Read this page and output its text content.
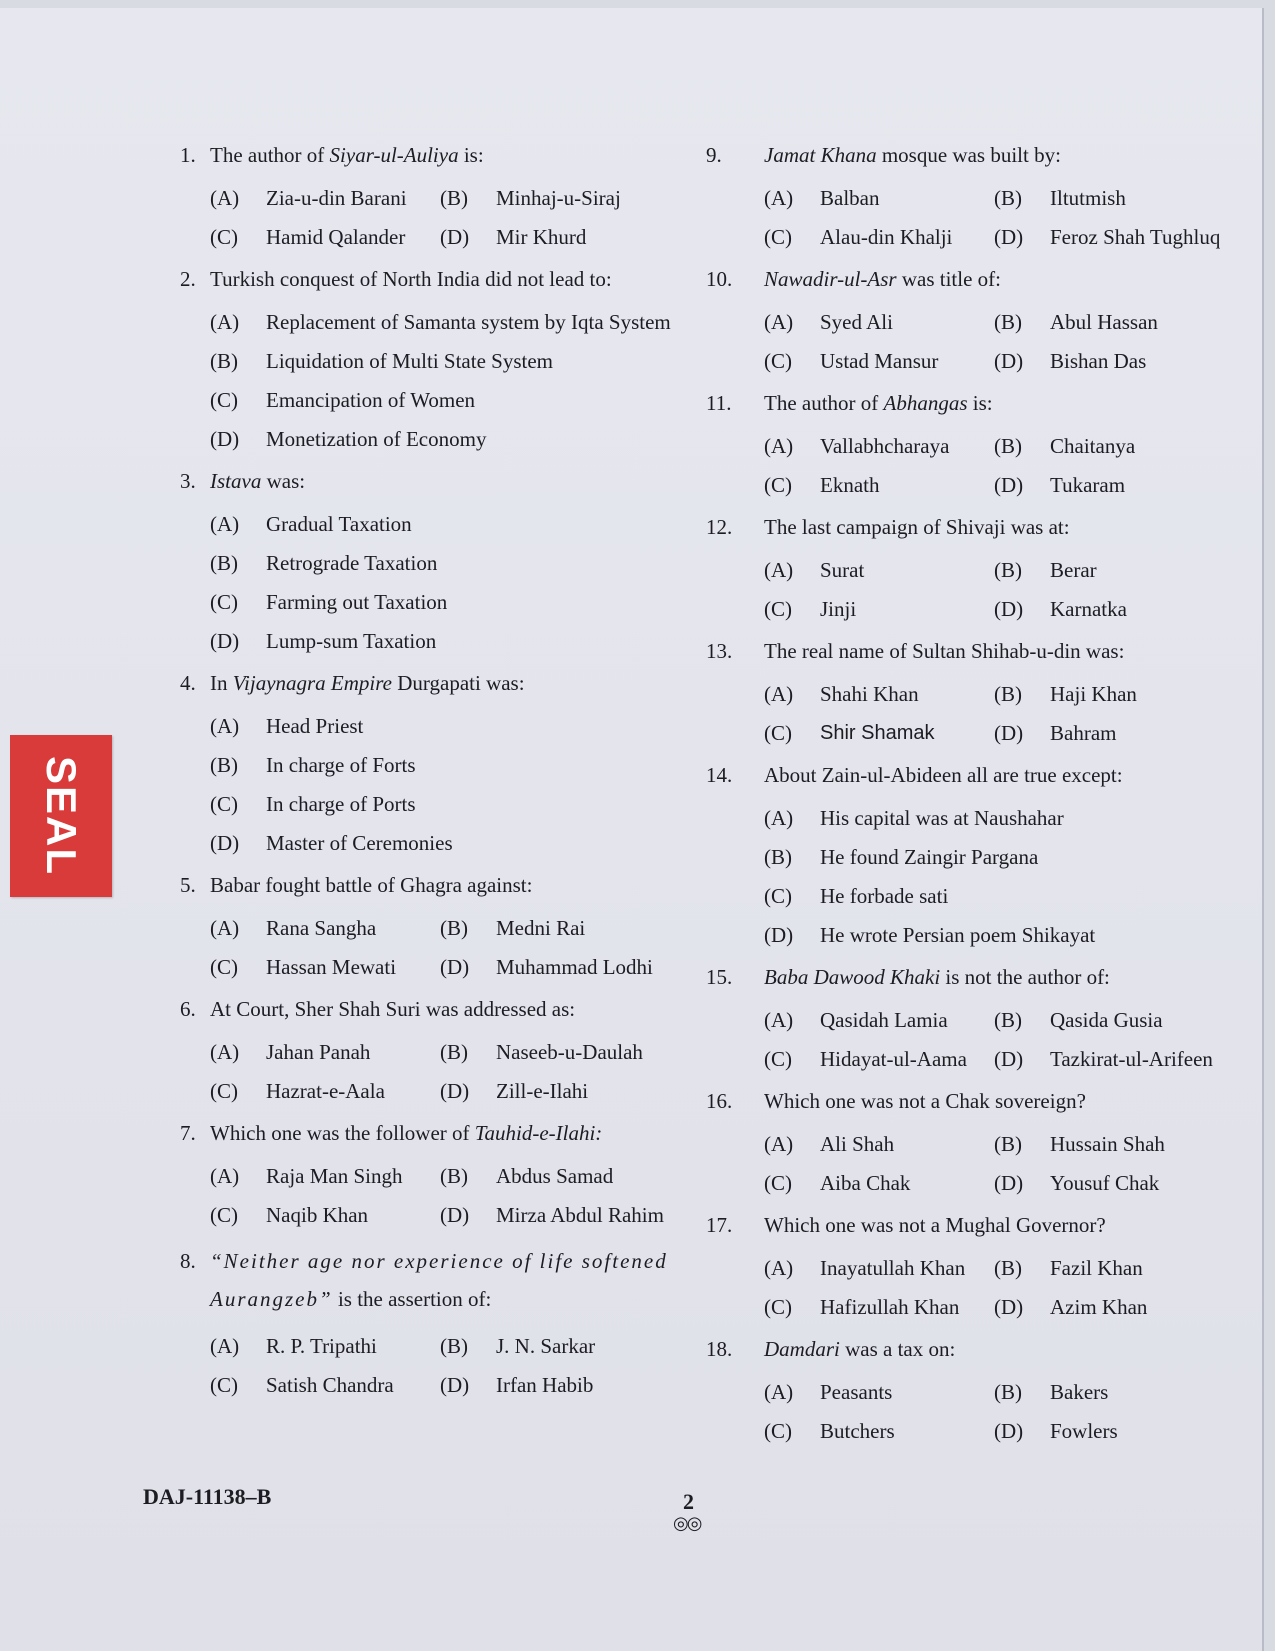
SEAL
1. The author of Siyar-ul-Auliya is:
(A)	Zia-u-din Barani (B)	Minhaj-u-Siraj
(C)	Hamid Qalander (D)	Mir Khurd
2. Turkish conquest of North India did not lead to:
(A)	Replacement of Samanta system by Iqta System
(B)	Liquidation of Multi State System
(C)	Emancipation of Women
(D)	Monetization of Economy
3. Istava was:
(A)	Gradual Taxation
(B)	Retrograde Taxation
(C)	Farming out Taxation
(D)	Lump-sum Taxation
4. In Vijaynagra Empire Durgapati was:
(A)	Head Priest
(B)	In charge of Forts
(C)	In charge of Ports
(D)	Master of Ceremonies
5. Babar fought battle of Ghagra against:
(A)	Rana Sangha	(B)	Medni Rai
(C)	Hassan Mewati (D)	Muhammad Lodhi
6. At Court, Sher Shah Suri was addressed as:
(A)	Jahan Panah	(B)	Naseeb-u-Daulah
(C)	Hazrat-e-Aala	(D)	Zill-e-Ilahi
7. Which one was the follower of Tauhid-e-Ilahi:
(A)	Raja Man Singh (B)	Abdus Samad
(C)	Naqib Khan	(D)	Mirza Abdul Rahim
8. “Neither age nor experience of life softened Aurangzeb” is the assertion of:
(A)	R. P. Tripathi	(B)	J. N. Sarkar
(C)	Satish Chandra (D)	Irfan Habib
9. Jamat Khana mosque was built by:
(A)	Balban	(B)	Iltutmish
(C)	Alau-din Khalji (D)	Feroz Shah Tughluq
10. Nawadir-ul-Asr was title of:
(A)	Syed Ali	(B)	Abul Hassan
(C)	Ustad Mansur	(D)	Bishan Das
11. The author of Abhangas is:
(A)	Vallabhcharaya (B)	Chaitanya
(C)	Eknath	(D)	Tukaram
12. The last campaign of Shivaji was at:
(A)	Surat	(B)	Berar
(C)	Jinji	(D)	Karnatka
13. The real name of Sultan Shihab-u-din was:
(A)	Shahi Khan	(B)	Haji Khan
(C)	Shir Shamak	(D)	Bahram
14. About Zain-ul-Abideen all are true except:
(A)	His capital was at Naushahar
(B)	He found Zaingir Pargana
(C)	He forbade sati
(D)	He wrote Persian poem Shikayat
15. Baba Dawood Khaki is not the author of:
(A)	Qasidah Lamia (B)	Qasida Gusia
(C)	Hidayat-ul-Aama (D)	Tazkirat-ul-Arifeen
16. Which one was not a Chak sovereign?
(A)	Ali Shah	(B)	Hussain Shah
(C)	Aiba Chak	(D)	Yousuf Chak
17. Which one was not a Mughal Governor?
(A)	Inayatullah Khan (B)	Fazil Khan
(C)	Hafizullah Khan (D)	Azim Khan
18. Damdari was a tax on:
(A)	Peasants	(B)	Bakers
(C)	Butchers	(D)	Fowlers
DAJ-11138–B	2
◎◎
